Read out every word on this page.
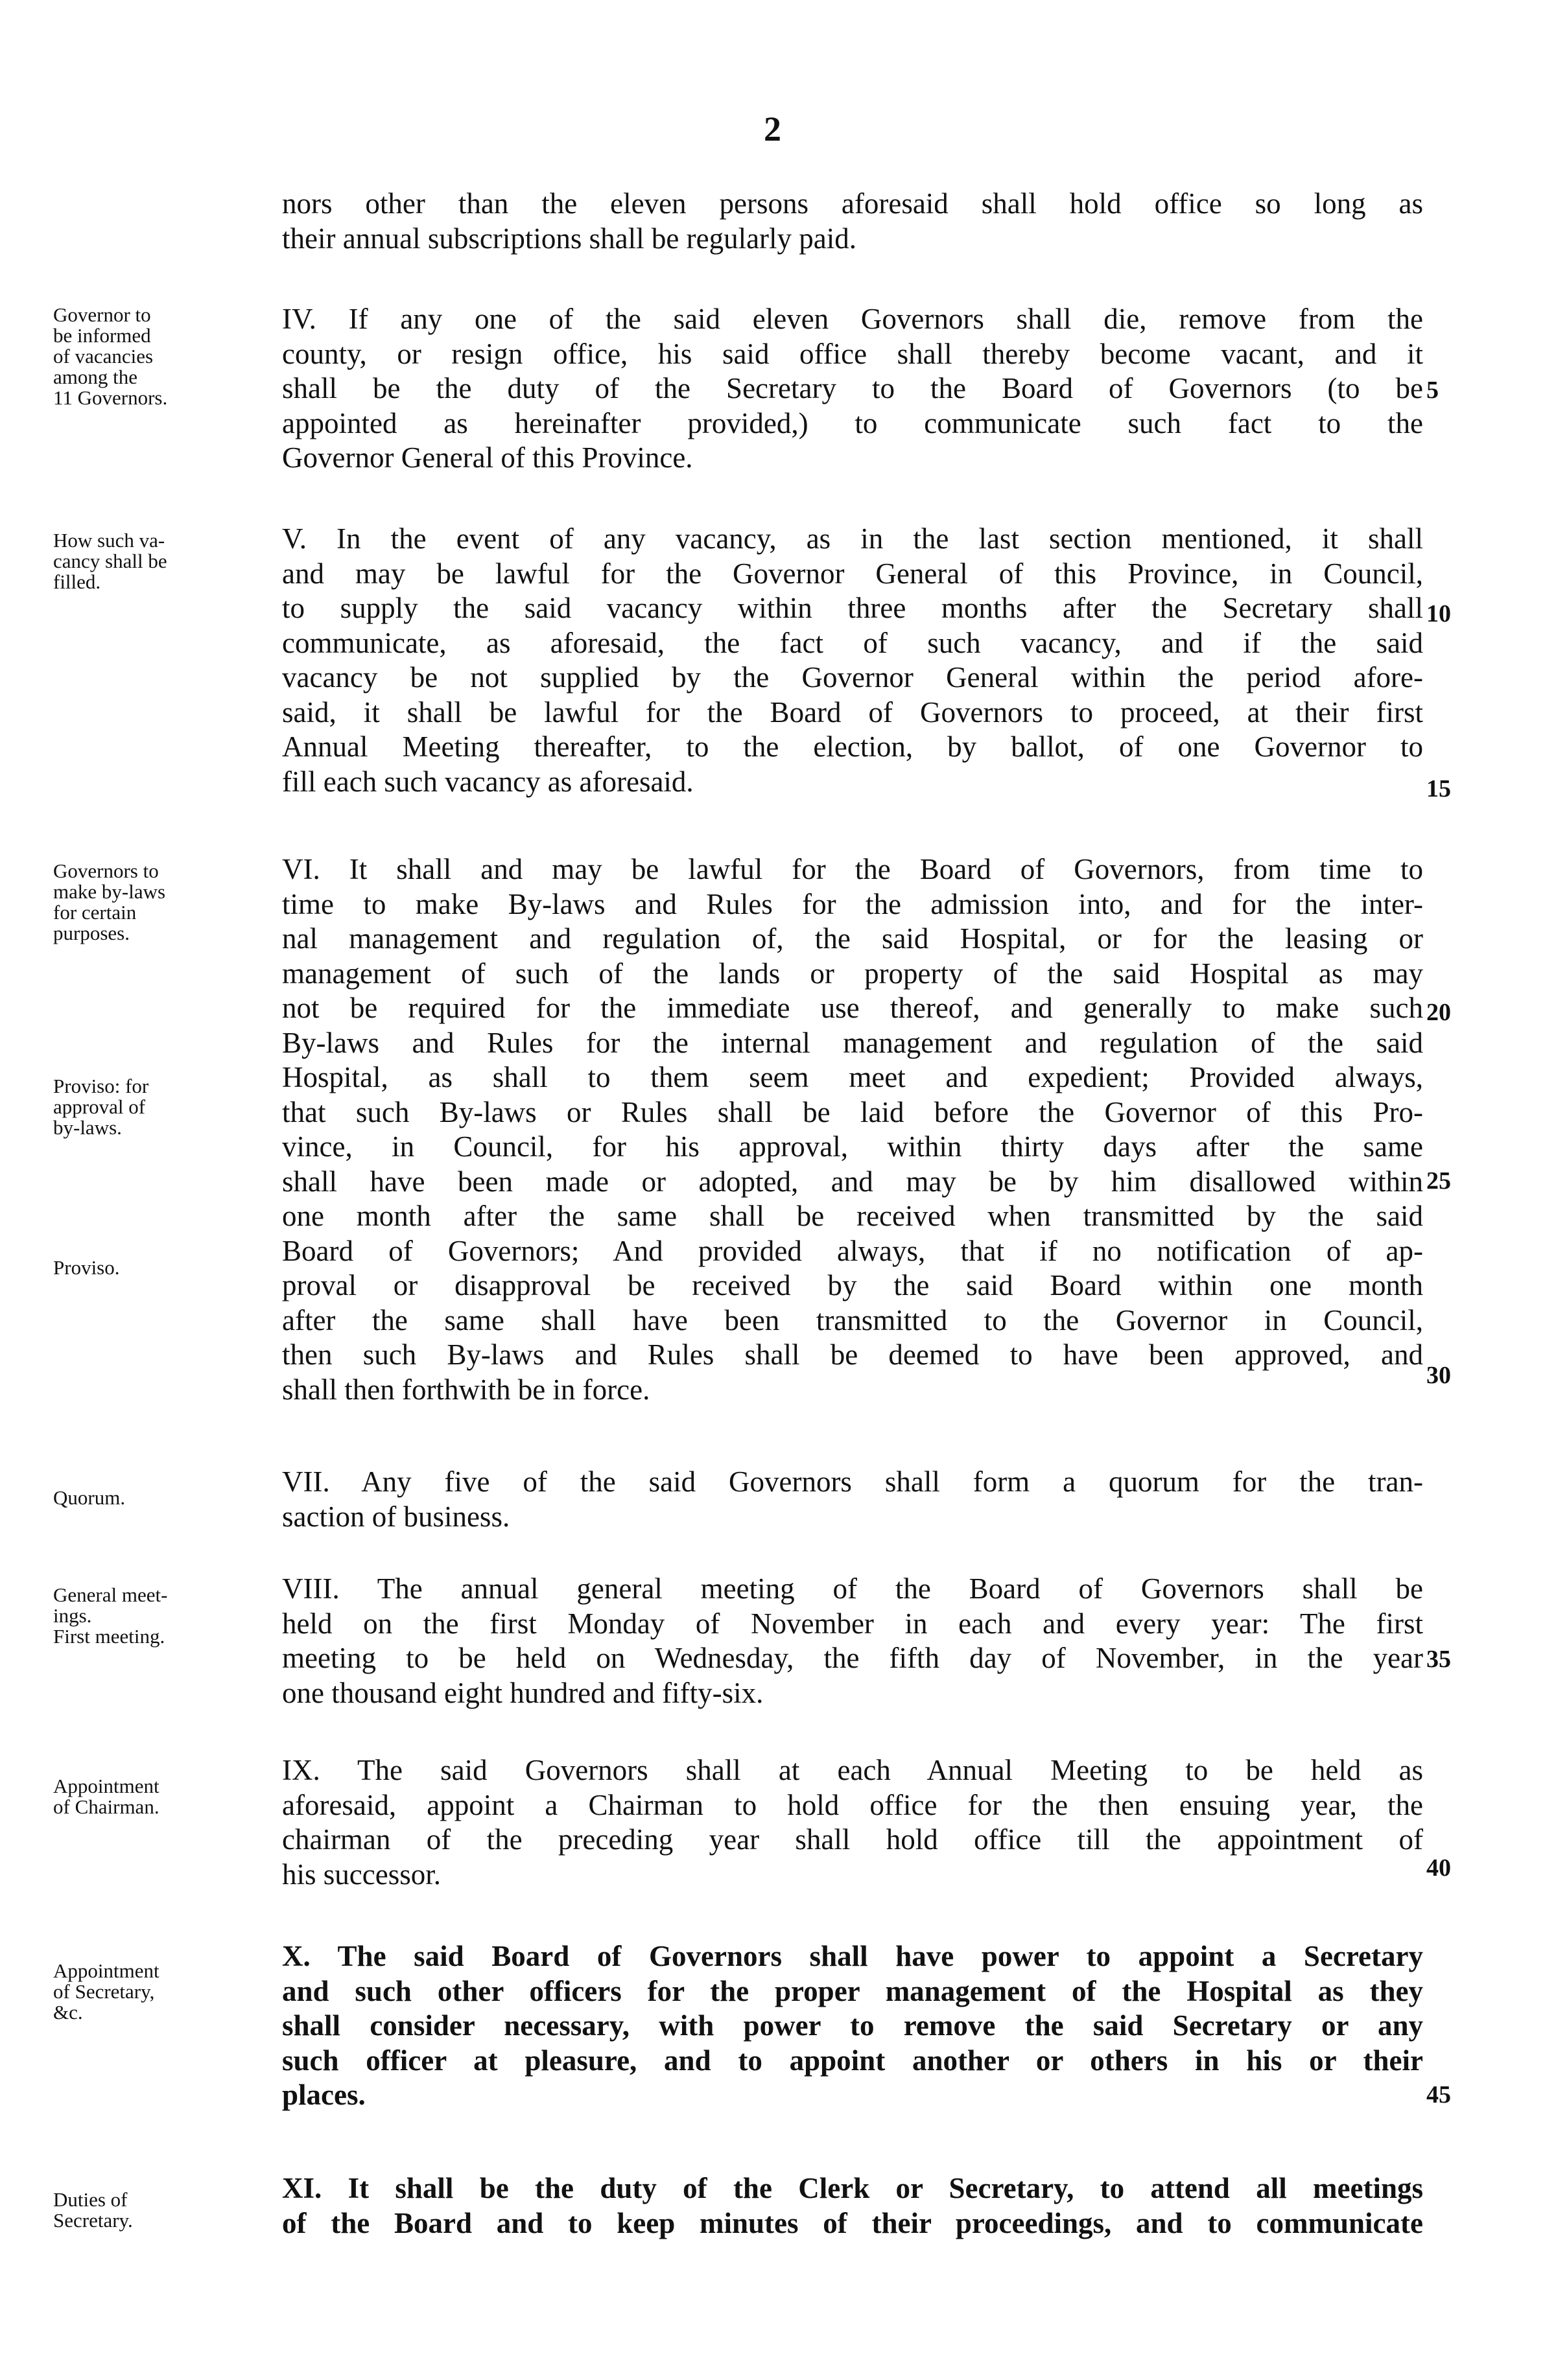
2
nors other than the eleven persons aforesaid shall hold office so long as
their annual subscriptions shall be regularly paid.
Governor to
be informed
of vacancies
among the
11 Governors.
IV. If any one of the said eleven Governors shall die, remove from the
county, or resign office, his said office shall thereby become vacant, and it
shall be the duty of the Secretary to the Board of Governors (to be
appointed as hereinafter provided,) to communicate such fact to the
Governor General of this Province.
How such va-
cancy shall be
filled.
V. In the event of any vacancy, as in the last section mentioned, it shall
and may be lawful for the Governor General of this Province, in Council,
to supply the said vacancy within three months after the Secretary shall
communicate, as aforesaid, the fact of such vacancy, and if the said
vacancy be not supplied by the Governor General within the period afore-
said, it shall be lawful for the Board of Governors to proceed, at their first
Annual Meeting thereafter, to the election, by ballot, of one Governor to
fill each such vacancy as aforesaid.
Governors to
make by-laws
for certain
purposes.
Proviso: for
approval of
by-laws.
Proviso.
VI. It shall and may be lawful for the Board of Governors, from time to
time to make By-laws and Rules for the admission into, and for the inter-
nal management and regulation of, the said Hospital, or for the leasing or
management of such of the lands or property of the said Hospital as may
not be required for the immediate use thereof, and generally to make such
By-laws and Rules for the internal management and regulation of the said
Hospital, as shall to them seem meet and expedient; Provided always,
that such By-laws or Rules shall be laid before the Governor of this Pro-
vince, in Council, for his approval, within thirty days after the same
shall have been made or adopted, and may be by him disallowed within
one month after the same shall be received when transmitted by the said
Board of Governors; And provided always, that if no notification of ap-
proval or disapproval be received by the said Board within one month
after the same shall have been transmitted to the Governor in Council,
then such By-laws and Rules shall be deemed to have been approved, and
shall then forthwith be in force.
Quorum.	VII. Any five of the said Governors shall form a quorum for the tran-
saction of business.
General meet-
ings.
First meeting.
VIII. The annual general meeting of the Board of Governors shall be
held on the first Monday of November in each and every year: The first
meeting to be held on Wednesday, the fifth day of November, in the year
one thousand eight hundred and fifty-six.
Appointment
of Chairman.
IX. The said Governors shall at each Annual Meeting to be held as
aforesaid, appoint a Chairman to hold office for the then ensuing year, the
chairman of the preceding year shall hold office till the appointment of
his successor.
Appointment
of Secretary,
&c.
X. The said Board of Governors shall have power to appoint a Secretary
and such other officers for the proper management of the Hospital as they
shall consider necessary, with power to remove the said Secretary or any
such officer at pleasure, and to appoint another or others in his or their
places.
Duties of
Secretary.
XI. It shall be the duty of the Clerk or Secretary, to attend all meetings
of the Board and to keep minutes of their proceedings, and to communicate
5
10
15
20
25
30
35
40
45
